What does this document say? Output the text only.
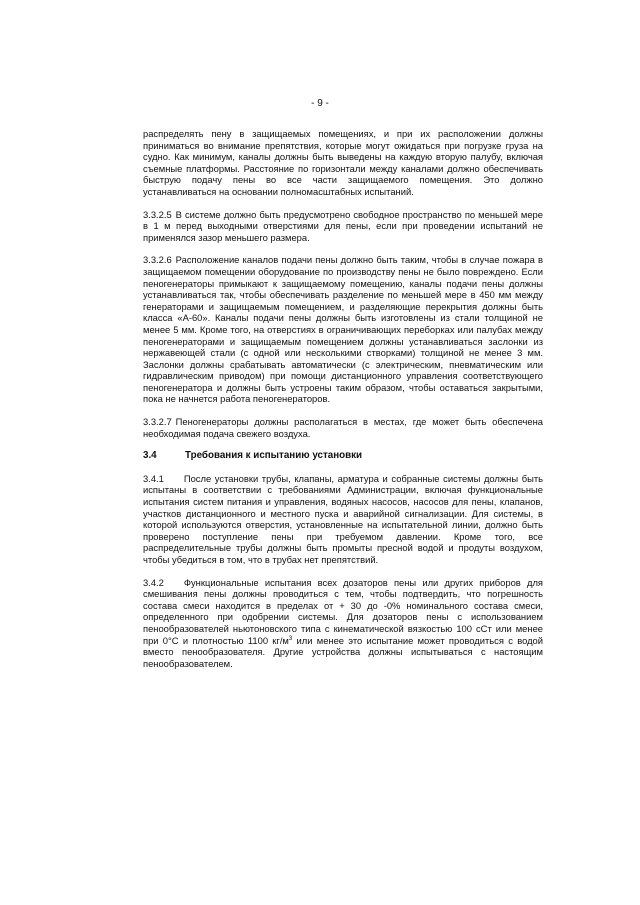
- 9 -

распределять пену в защищаемых помещениях, и при их расположении должны приниматься во внимание препятствия, которые могут ожидаться при погрузке груза на судно. Как минимум, каналы должны быть выведены на каждую вторую палубу, включая съемные платформы. Расстояние по горизонтали между каналами должно обеспечивать быструю подачу пены во все части защищаемого помещения. Это должно устанавливаться на основании полномасштабных испытаний.

3.3.2.5 В системе должно быть предусмотрено свободное пространство по меньшей мере в 1 м перед выходными отверстиями для пены, если при проведении испытаний не применялся зазор меньшего размера.

3.3.2.6 Расположение каналов подачи пены должно быть таким, чтобы в случае пожара в защищаемом помещении оборудование по производству пены не было повреждено. Если пеногенераторы примыкают к защищаемому помещению, каналы подачи пены должны устанавливаться так, чтобы обеспечивать разделение по меньшей мере в 450 мм между генераторами и защищаемым помещением, и разделяющие перекрытия должны быть класса «А-60». Каналы подачи пены должны быть изготовлены из стали толщиной не менее 5 мм. Кроме того, на отверстиях в ограничивающих переборках или палубах между пеногенераторами и защищаемым помещением должны устанавливаться заслонки из нержавеющей стали (с одной или несколькими створками) толщиной не менее 3 мм. Заслонки должны срабатывать автоматически (с электрическим, пневматическим или гидравлическим приводом) при помощи дистанционного управления соответствующего пеногенератора и должны быть устроены таким образом, чтобы оставаться закрытыми, пока не начнется работа пеногенераторов.

3.3.2.7 Пеногенераторы должны располагаться в местах, где может быть обеспечена необходимая подача свежего воздуха.

3.4	Требования к испытанию установки

3.4.1 После установки трубы, клапаны, арматура и собранные системы должны быть испытаны в соответствии с требованиями Администрации, включая функциональные испытания систем питания и управления, водяных насосов, насосов для пены, клапанов, участков дистанционного и местного пуска и аварийной сигнализации. Для системы, в которой используются отверстия, установленные на испытательной линии, должно быть проверено поступление пены при требуемом давлении. Кроме того, все распределительные трубы должны быть промыты пресной водой и продуты воздухом, чтобы убедиться в том, что в трубах нет препятствий.

3.4.2 Функциональные испытания всех дозаторов пены или других приборов для смешивания пены должны проводиться с тем, чтобы подтвердить, что погрешность состава смеси находится в пределах от + 30 до -0% номинального состава смеси, определенного при одобрении системы. Для дозаторов пены с использованием пенообразователей ньютоновского типа с кинематической вязкостью 100 сСт или менее при 0°С и плотностью 1100 $кг/м^3$ или менее это испытание может проводиться с водой вместо пенообразователя. Другие устройства должны испытываться с настоящим пенообразователем.
